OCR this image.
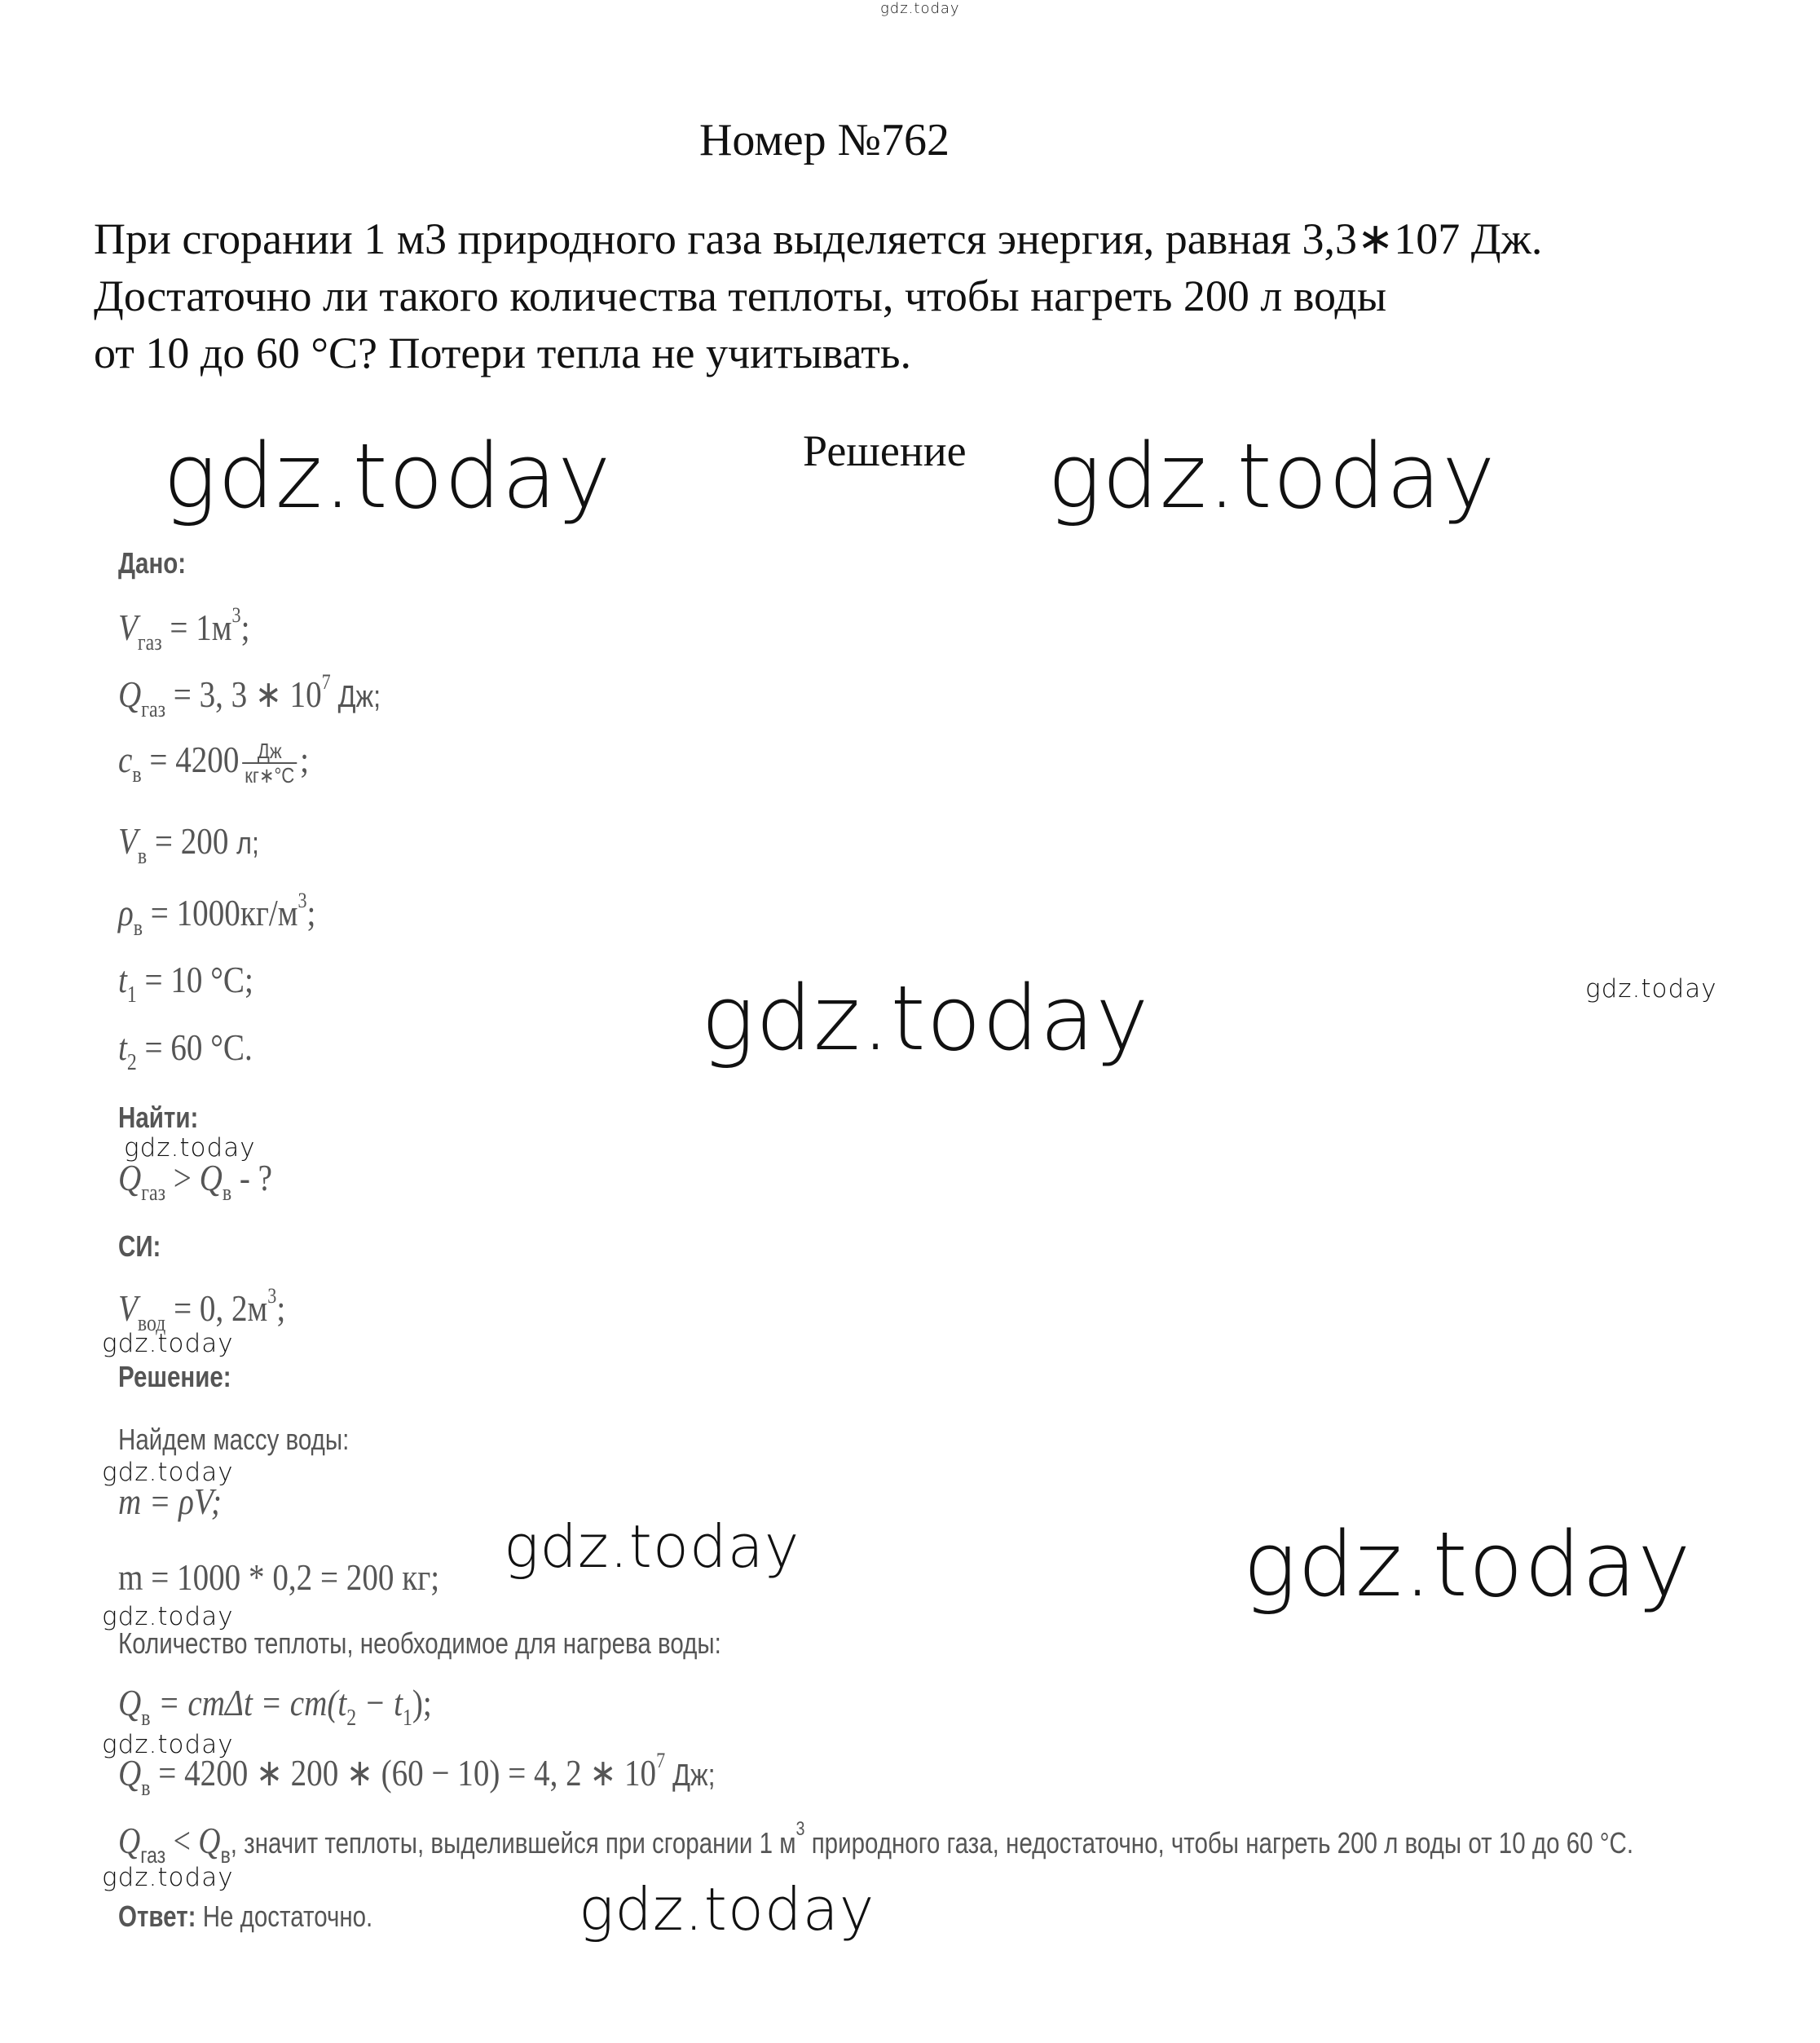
gdz.today
Номер №762
При сгорании 1 м3 природного газа выделяется энергия, равная 3,3∗107 Дж.
Достаточно ли такого количества теплоты, чтобы нагреть 200 л воды
от 10 до 60 °С? Потери тепла не учитывать.
Решение
gdz.today	gdz.today
gdz.today	gdz.today
gdz.today
gdz.today
gdz.today
gdz.today	gdz.today
gdz.today
gdz.today
gdz.today	gdz.today
Дано:
$V_{газ} = 1м^3$;
$Q_{газ} = 3$, 3 ∗ $10^7$ Дж;
$c_в = 4200 \frac{Дж}{кг∗^\circ С}$ ;
$V_в = 200$ л;
$\rho_в = 1000кг/м^3$;
$t_1 = 10$ °С;
$t_2 = 60$ °С.
Найти:
$Q_{газ} > Q_в$ - ?
СИ:
$V_{вод} = 0$, $2м^3$;
Решение:
Найдем массу воды:
m = ρV;
m = 1000 * 0,2 = 200 кг;
Количество теплоты, необходимое для нагрева воды:
$Q_в = cm\Delta t = cm(t_2 - t_1)$;
$Q_в = 4200$ ∗ 200 ∗ (60 − 10) = 4, 2 ∗ $10^7$ Дж;
$Q_{газ} < Q_в$, значит теплоты, выделившейся при сгорании 1 $м^3$ природного газа, недостаточно, чтобы нагреть 200 л воды от 10 до 60 °С.
Ответ: Не достаточно.
